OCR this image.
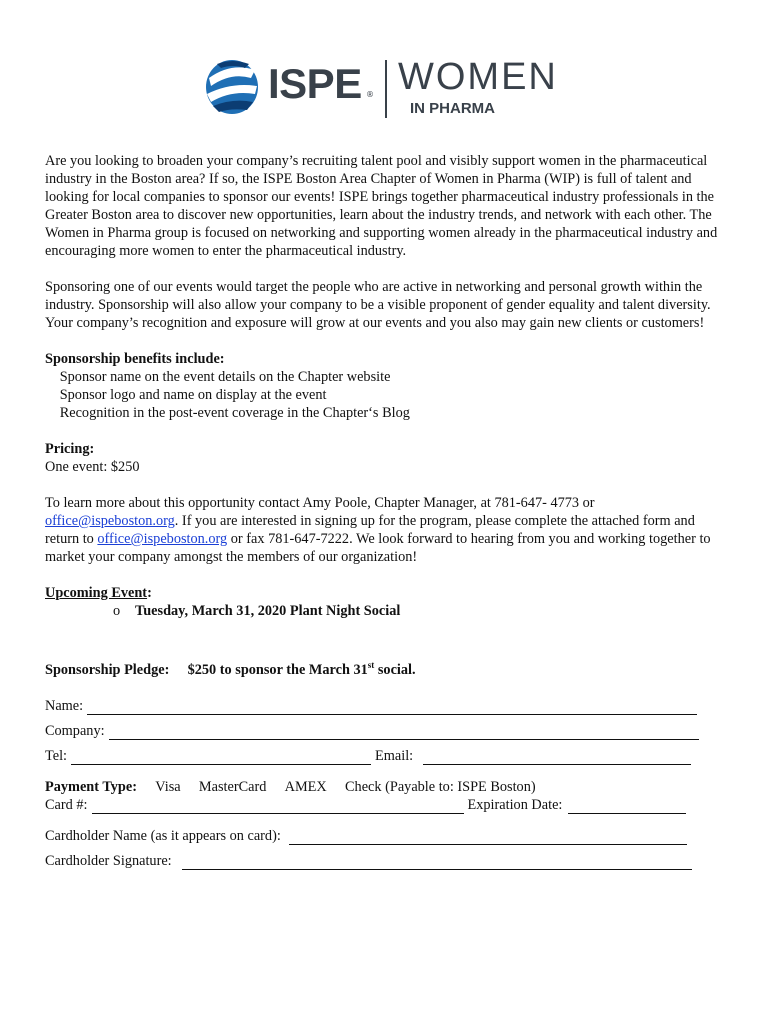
ISPE ® WOMEN
IN PHARMA

Are you looking to broaden your company’s recruiting talent pool and visibly support women in the pharmaceutical industry in the Boston area? If so, the ISPE Boston Area Chapter of Women in Pharma (WIP) is full of talent and looking for local companies to sponsor our events! ISPE brings together pharmaceutical industry professionals in the Greater Boston area to discover new opportunities, learn about the industry trends, and network with each other. The Women in Pharma group is focused on networking and supporting women already in the pharmaceutical industry and encouraging more women to enter the pharmaceutical industry.

Sponsoring one of our events would target the people who are active in networking and personal growth within the industry. Sponsorship will also allow your company to be a visible proponent of gender equality and talent diversity. Your company’s recognition and exposure will grow at our events and you also may gain new clients or customers!

Sponsorship benefits include:

Sponsor name on the event details on the Chapter website

Sponsor logo and name on display at the event

Recognition in the post-event coverage in the Chapter‘s Blog

Pricing:

One event: $250

To learn more about this opportunity contact Amy Poole, Chapter Manager, at 781-647- 4773 or office@ispeboston.org. If you are interested in signing up for the program, please complete the attached form and return to office@ispeboston.org or fax 781-647-7222. We look forward to hearing from you and working together to market your company amongst the members of our organization!

Upcoming Event:

o Tuesday, March 31, 2020 Plant Night Social

Sponsorship Pledge: $250 to sponsor the March 31st social.

Name:
Company:
Tel:	Email:

Payment Type: Visa MasterCard AMEX Check (Payable to: ISPE Boston)

Card #:	Expiration Date:
Cardholder Name (as it appears on card):
Cardholder Signature:
